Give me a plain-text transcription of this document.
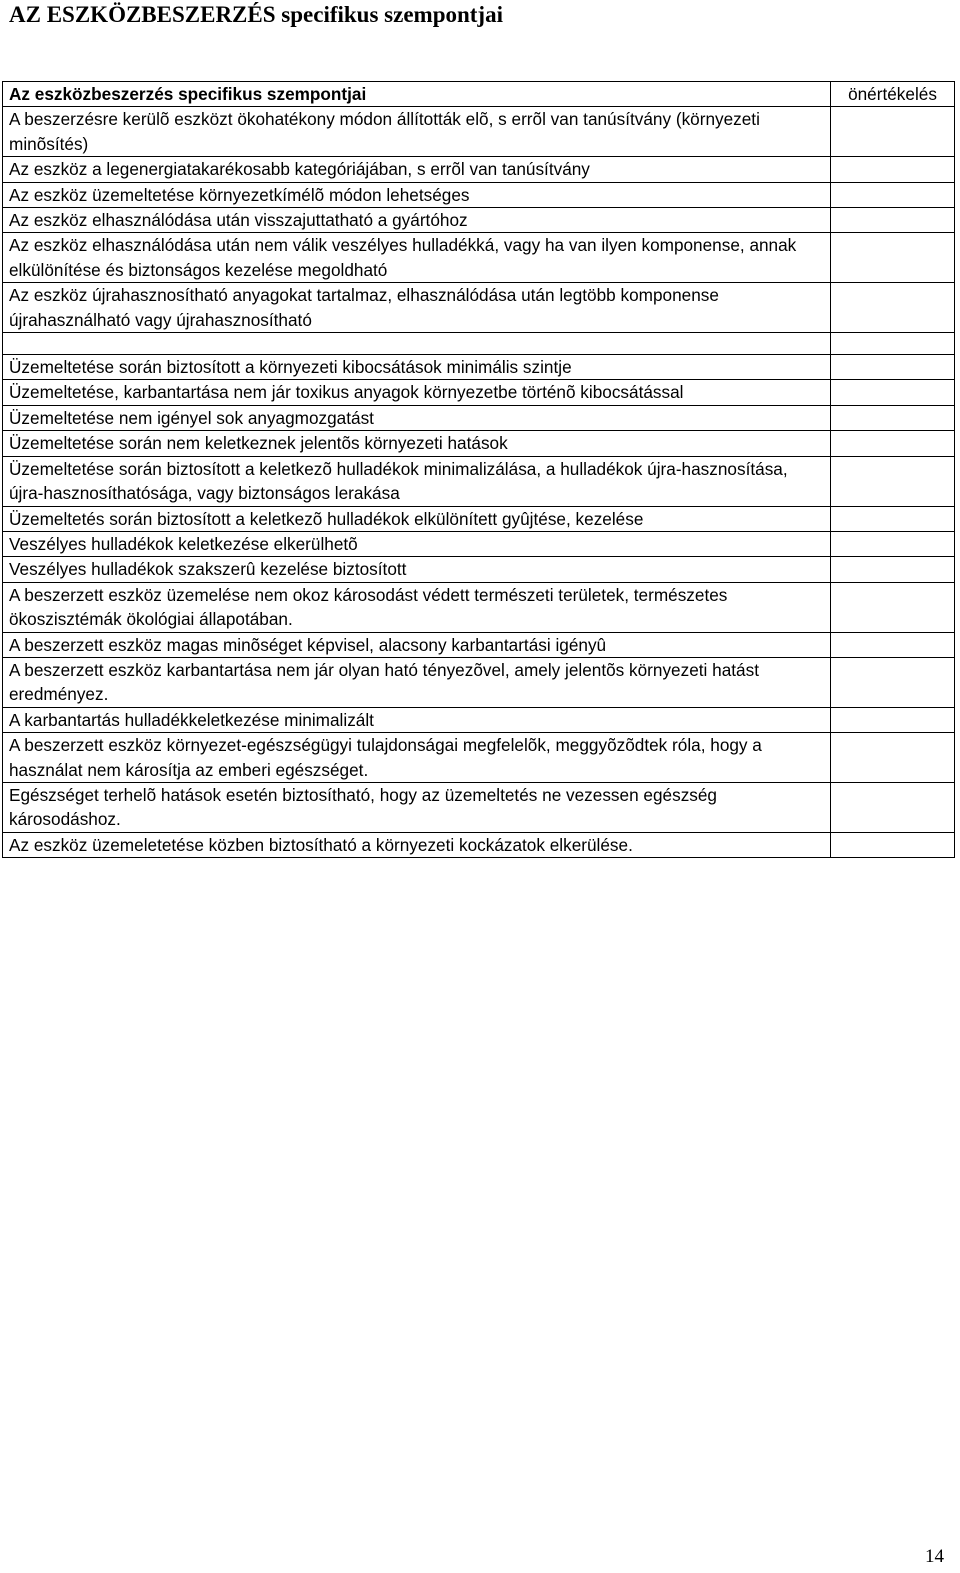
AZ ESZKÖZBESZERZÉS specifikus szempontjai
Az eszközbeszerzés specifikus szempontjai	önértékelés
A beszerzésre kerülõ eszközt ökohatékony módon állították elõ, s errõl van tanúsítvány (környezeti minõsítés)	
Az eszköz a legenergiatakarékosabb kategóriájában, s errõl van tanúsítvány	
Az eszköz üzemeltetése környezetkímélõ módon lehetséges	
Az eszköz elhasználódása után visszajuttatható a gyártóhoz	
Az eszköz elhasználódása után nem válik veszélyes hulladékká, vagy ha van ilyen komponense, annak elkülönítése és biztonságos kezelése megoldható	
Az eszköz újrahasznosítható anyagokat tartalmaz, elhasználódása után legtöbb komponense újrahasználható vagy újrahasznosítható	

Üzemeltetése során biztosított a környezeti kibocsátások minimális szintje	
Üzemeltetése, karbantartása nem jár toxikus anyagok környezetbe történõ kibocsátással	
Üzemeltetése nem igényel sok anyagmozgatást	
Üzemeltetése során nem keletkeznek jelentõs környezeti hatások	
Üzemeltetése során biztosított a keletkezõ hulladékok minimalizálása, a hulladékok újra-hasznosítása, újra-hasznosíthatósága, vagy biztonságos lerakása	
Üzemeltetés során biztosított a keletkezõ hulladékok elkülönített gyûjtése, kezelése	
Veszélyes hulladékok keletkezése elkerülhetõ	
Veszélyes hulladékok szakszerû kezelése biztosított	
A beszerzett eszköz üzemelése nem okoz károsodást védett természeti területek, természetes ökoszisztémák ökológiai állapotában.	
A beszerzett eszköz magas minõséget képvisel, alacsony karbantartási igényû	
A beszerzett eszköz karbantartása nem jár olyan ható tényezõvel, amely jelentõs környezeti hatást eredményez.	
A karbantartás hulladékkeletkezése minimalizált	
A beszerzett eszköz környezet-egészségügyi tulajdonságai megfelelõk, meggyõzõdtek róla, hogy a használat nem károsítja az emberi egészséget.	
Egészséget terhelõ hatások esetén biztosítható, hogy az üzemeltetés ne vezessen egészség károsodáshoz.	
Az eszköz üzemeletetése közben biztosítható a környezeti kockázatok elkerülése.	
14
